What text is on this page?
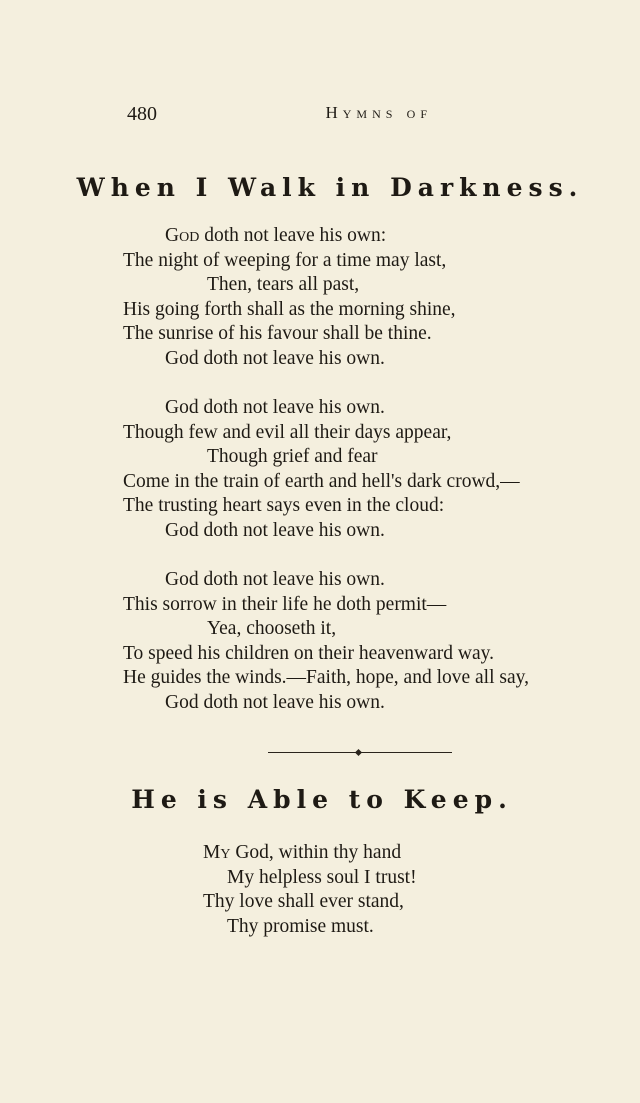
480	Hymns of
When I Walk in Darkness.
God doth not leave his own:
The night of weeping for a time may last,
Then, tears all past,
His going forth shall as the morning shine,
The sunrise of his favour shall be thine.
God doth not leave his own.
God doth not leave his own.
Though few and evil all their days appear,
Though grief and fear
Come in the train of earth and hell's dark crowd,—
The trusting heart says even in the cloud:
God doth not leave his own.
God doth not leave his own.
This sorrow in their life he doth permit—
Yea, chooseth it,
To speed his children on their heavenward way.
He guides the winds.—Faith, hope, and love all say,
God doth not leave his own.
He is Able to Keep.
My God, within thy hand
My helpless soul I trust!
Thy love shall ever stand,
Thy promise must.
